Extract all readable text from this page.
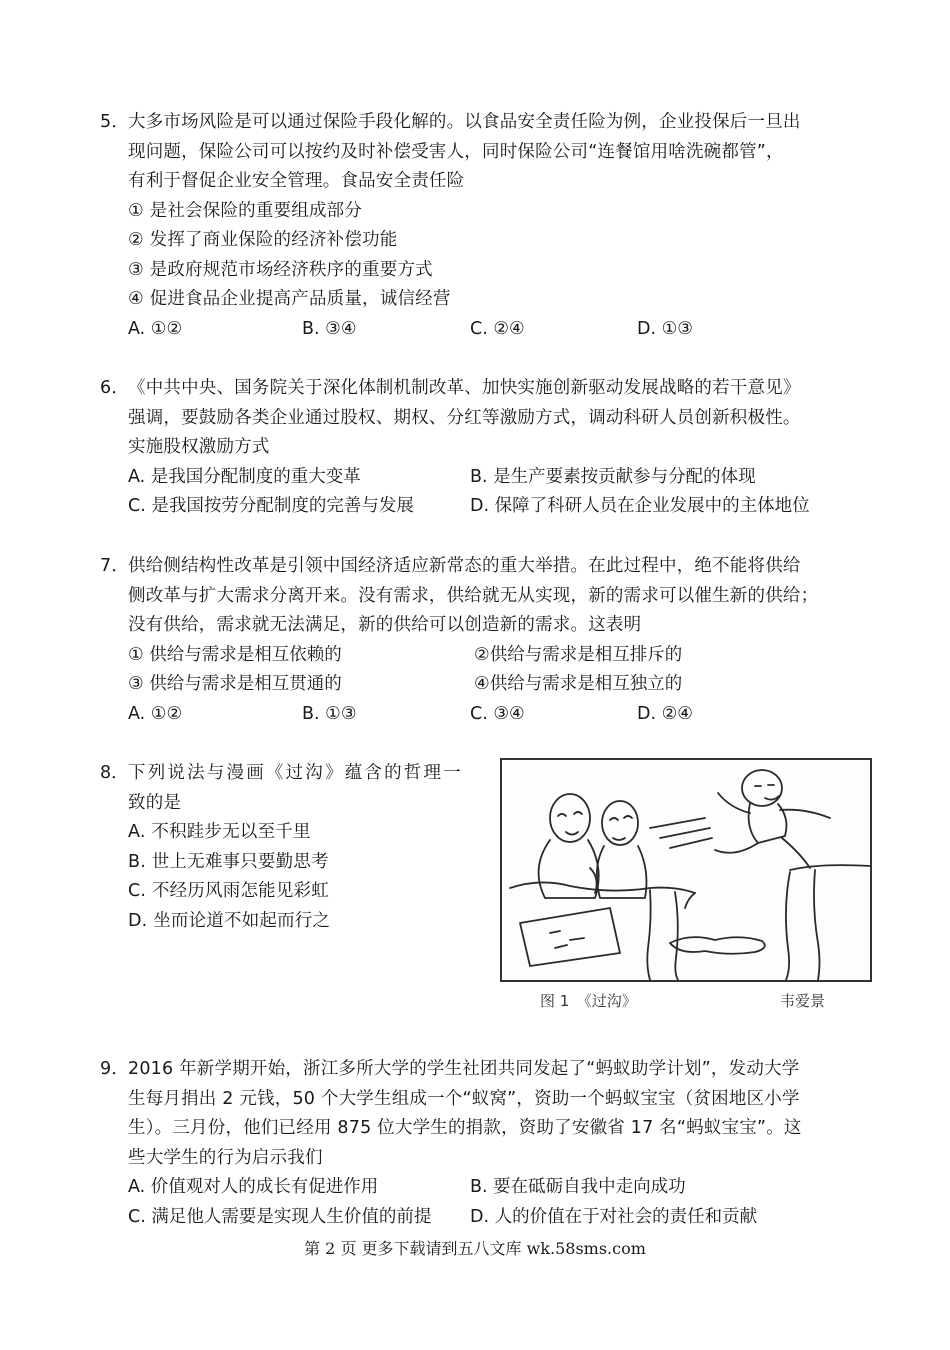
5．大多市场风险是可以通过保险手段化解的。以食品安全责任险为例，企业投保后一旦出
现问题，保险公司可以按约及时补偿受害人，同时保险公司“连餐馆用啥洗碗都管”，
有利于督促企业安全管理。食品安全责任险
① 是社会保险的重要组成部分
② 发挥了商业保险的经济补偿功能
③ 是政府规范市场经济秩序的重要方式
④ 促进食品企业提高产品质量，诚信经营
A. ①②	B. ③④	C. ②④	D. ①③
6．《中共中央、国务院关于深化体制机制改革、加快实施创新驱动发展战略的若干意见》
强调，要鼓励各类企业通过股权、期权、分红等激励方式，调动科研人员创新积极性。
实施股权激励方式
A. 是我国分配制度的重大变革	B. 是生产要素按贡献参与分配的体现
C. 是我国按劳分配制度的完善与发展	D. 保障了科研人员在企业发展中的主体地位
7．供给侧结构性改革是引领中国经济适应新常态的重大举措。在此过程中，绝不能将供给
侧改革与扩大需求分离开来。没有需求，供给就无从实现，新的需求可以催生新的供给；
没有供给，需求就无法满足，新的供给可以创造新的需求。这表明
① 供给与需求是相互依赖的	②供给与需求是相互排斥的
③ 供给与需求是相互贯通的	④供给与需求是相互独立的
A. ①②	B. ①③	C. ③④	D. ②④
8．下列说法与漫画《过沟》蕴含的哲理一
致的是
A. 不积跬步无以至千里
B. 世上无难事只要勤思考
C. 不经历风雨怎能见彩虹
D. 坐而论道不如起而行之
图 1　《过沟》	韦爱景
9．2016 年新学期开始，浙江多所大学的学生社团共同发起了“蚂蚁助学计划”，发动大学
生每月捐出 2 元钱，50 个大学生组成一个“蚁窝”，资助一个蚂蚁宝宝（贫困地区小学
生）。三月份，他们已经用 875 位大学生的捐款，资助了安徽省 17 名“蚂蚁宝宝”。这
些大学生的行为启示我们
A. 价值观对人的成长有促进作用	B. 要在砥砺自我中走向成功
C. 满足他人需要是实现人生价值的前提 D. 人的价值在于对社会的责任和贡献
第 2 页 更多下载请到五八文库 wk.58sms.com
